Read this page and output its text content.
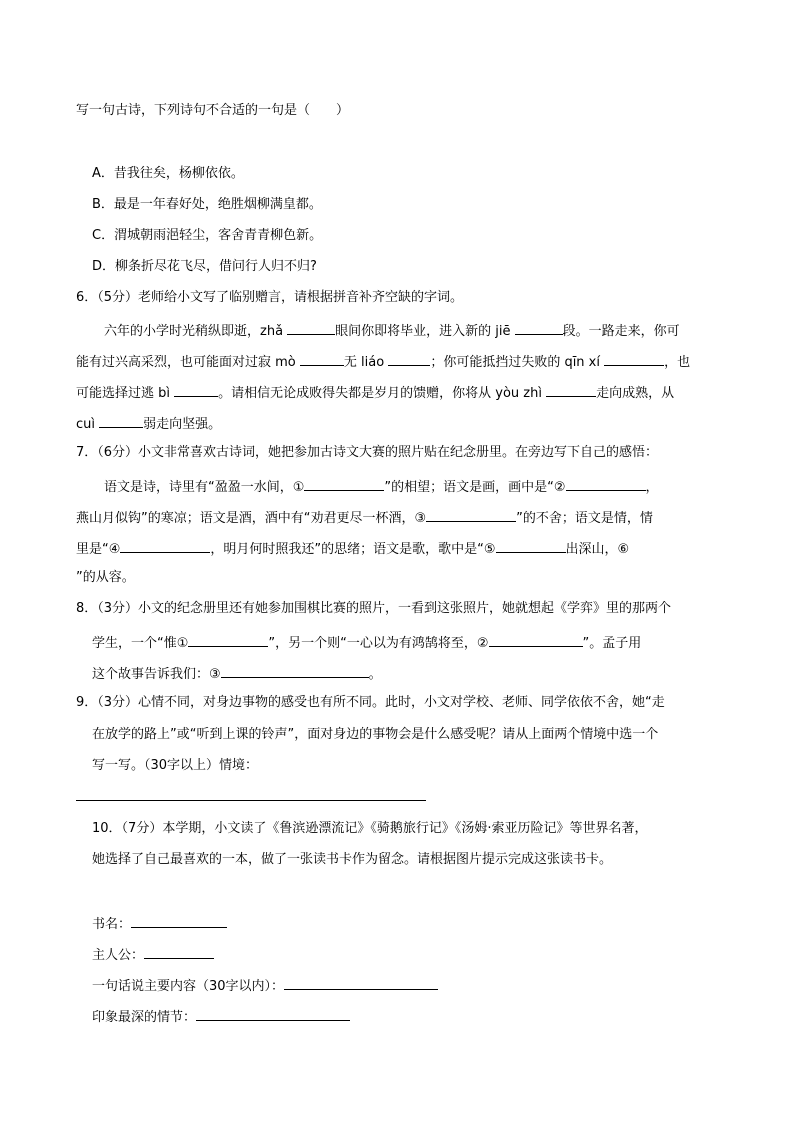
写一句古诗，下列诗句不合适的一句是（　　）
A．昔我往矣，杨柳依依。
B．最是一年春好处，绝胜烟柳满皇都。
C．渭城朝雨浥轻尘，客舍青青柳色新。
D．柳条折尽花飞尽，借问行人归不归?
6．（5分）老师给小文写了临别赠言，请根据拼音补齐空缺的字词。
六年的小学时光稍纵即逝，zhǎ	眼间你即将毕业，进入新的 jiē	段。一路走来，你可
能有过兴高采烈，也可能面对过寂 mò	无 liáo	；你可能抵挡过失败的 qīn xí	，也
可能选择过逃 bì	。请相信无论成败得失都是岁月的馈赠，你将从 yòu zhì	走向成熟，从
cuì	弱走向坚强。
7．（6分）小文非常喜欢古诗词，她把参加古诗文大赛的照片贴在纪念册里。在旁边写下自己的感悟：
语文是诗，诗里有“盈盈一水间，①	”的相望；语文是画，画中是“②	，
燕山月似钩”的寒凉；语文是酒，酒中有“劝君更尽一杯酒，③	”的不舍；语文是情，情
里是“④	，明月何时照我还”的思绪；语文是歌，歌中是“⑤	出深山，⑥
”的从容。
8．（3分）小文的纪念册里还有她参加围棋比赛的照片，一看到这张照片，她就想起《学弈》里的那两个
学生，一个“惟①	”，另一个则“一心以为有鸿鹄将至，②	”。孟子用
这个故事告诉我们：③	。
9．（3分）心情不同，对身边事物的感受也有所不同。此时，小文对学校、老师、同学依依不舍，她“走
在放学的路上”或“听到上课的铃声”，面对身边的事物会是什么感受呢？请从上面两个情境中选一个
写一写。（30字以上）情境：
10．（7分）本学期，小文读了《鲁滨逊漂流记》《骑鹅旅行记》《汤姆·索亚历险记》等世界名著，
她选择了自己最喜欢的一本，做了一张读书卡作为留念。请根据图片提示完成这张读书卡。
书名：
主人公：
一句话说主要内容（30字以内）：
印象最深的情节：
